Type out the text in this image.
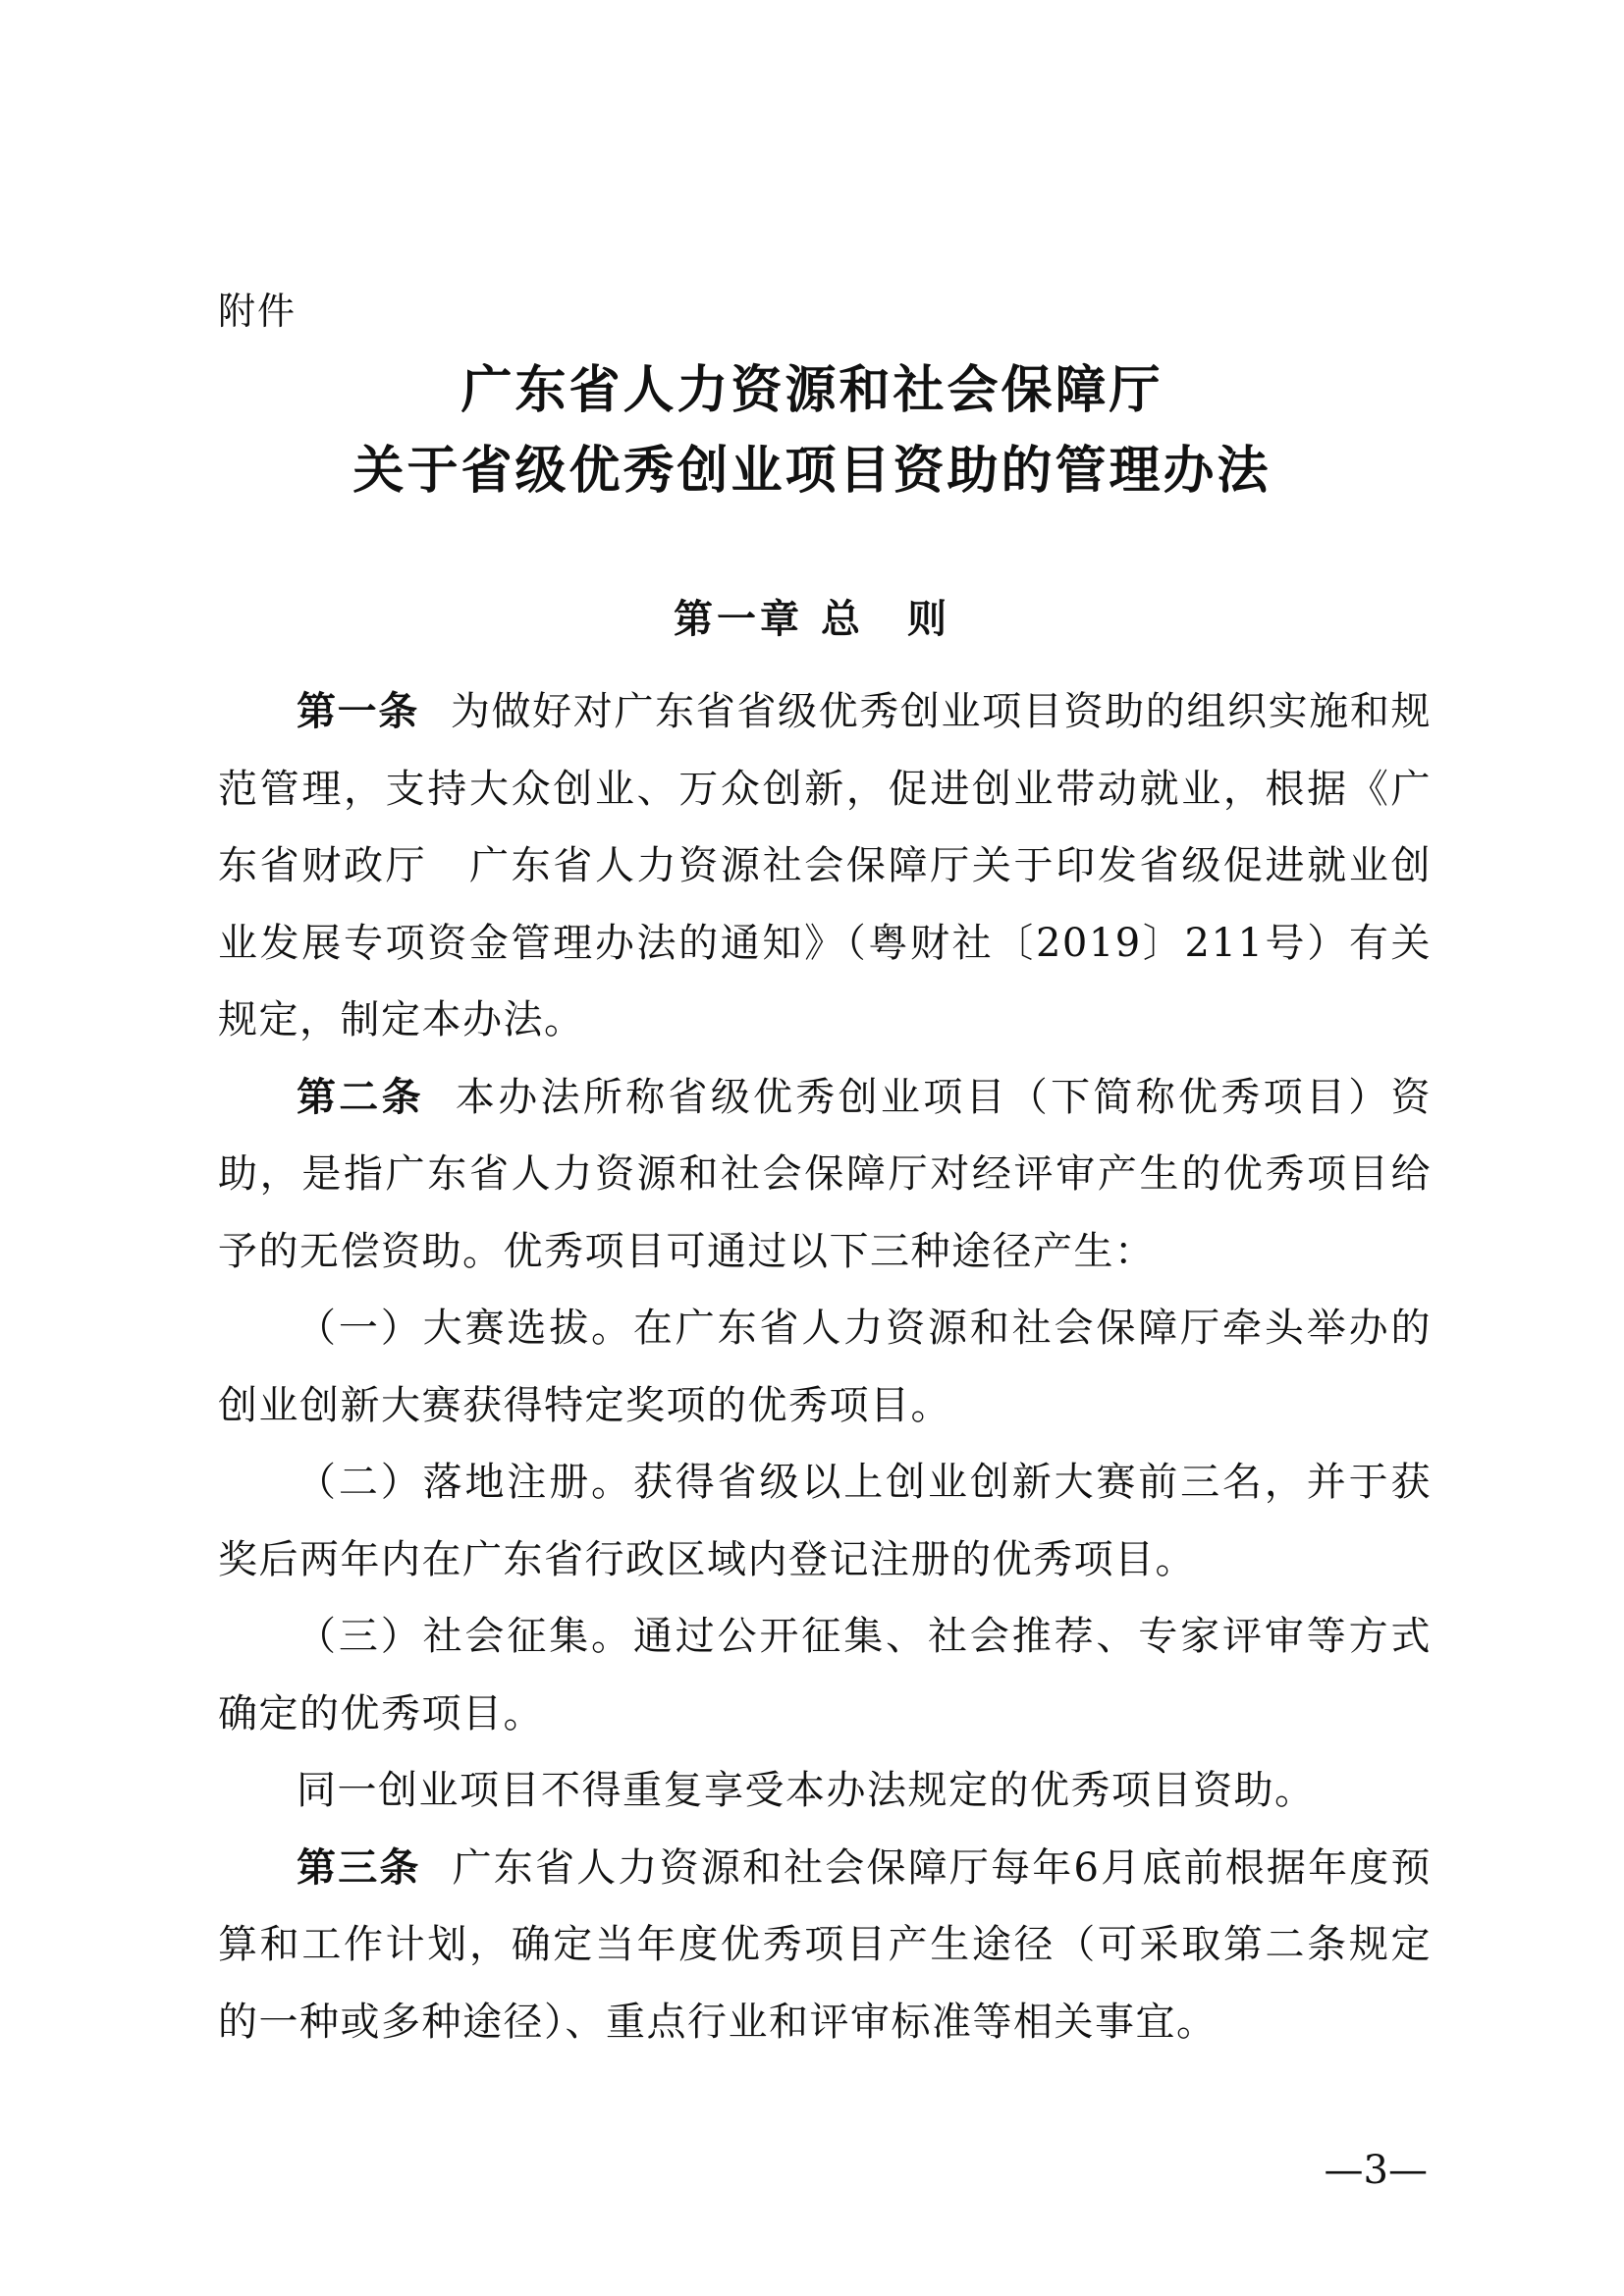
附件
广东省人力资源和社会保障厅
关于省级优秀创业项目资助的管理办法
第一章 总　则

第一条 为做好对广东省省级优秀创业项目资助的组织实施和规范管理，支持大众创业、万众创新，促进创业带动就业，根据《广东省财政厅　广东省人力资源社会保障厅关于印发省级促进就业创业发展专项资金管理办法的通知》（粤财社〔2019〕211号）有关规定，制定本办法。

第二条 本办法所称省级优秀创业项目（下简称优秀项目）资助，是指广东省人力资源和社会保障厅对经评审产生的优秀项目给予的无偿资助。优秀项目可通过以下三种途径产生：

（一）大赛选拔。在广东省人力资源和社会保障厅牵头举办的创业创新大赛获得特定奖项的优秀项目。

（二）落地注册。获得省级以上创业创新大赛前三名，并于获奖后两年内在广东省行政区域内登记注册的优秀项目。

（三）社会征集。通过公开征集、社会推荐、专家评审等方式确定的优秀项目。

同一创业项目不得重复享受本办法规定的优秀项目资助。

第三条 广东省人力资源和社会保障厅每年6月底前根据年度预算和工作计划，确定当年度优秀项目产生途径（可采取第二条规定的一种或多种途径）、重点行业和评审标准等相关事宜。

—3—
